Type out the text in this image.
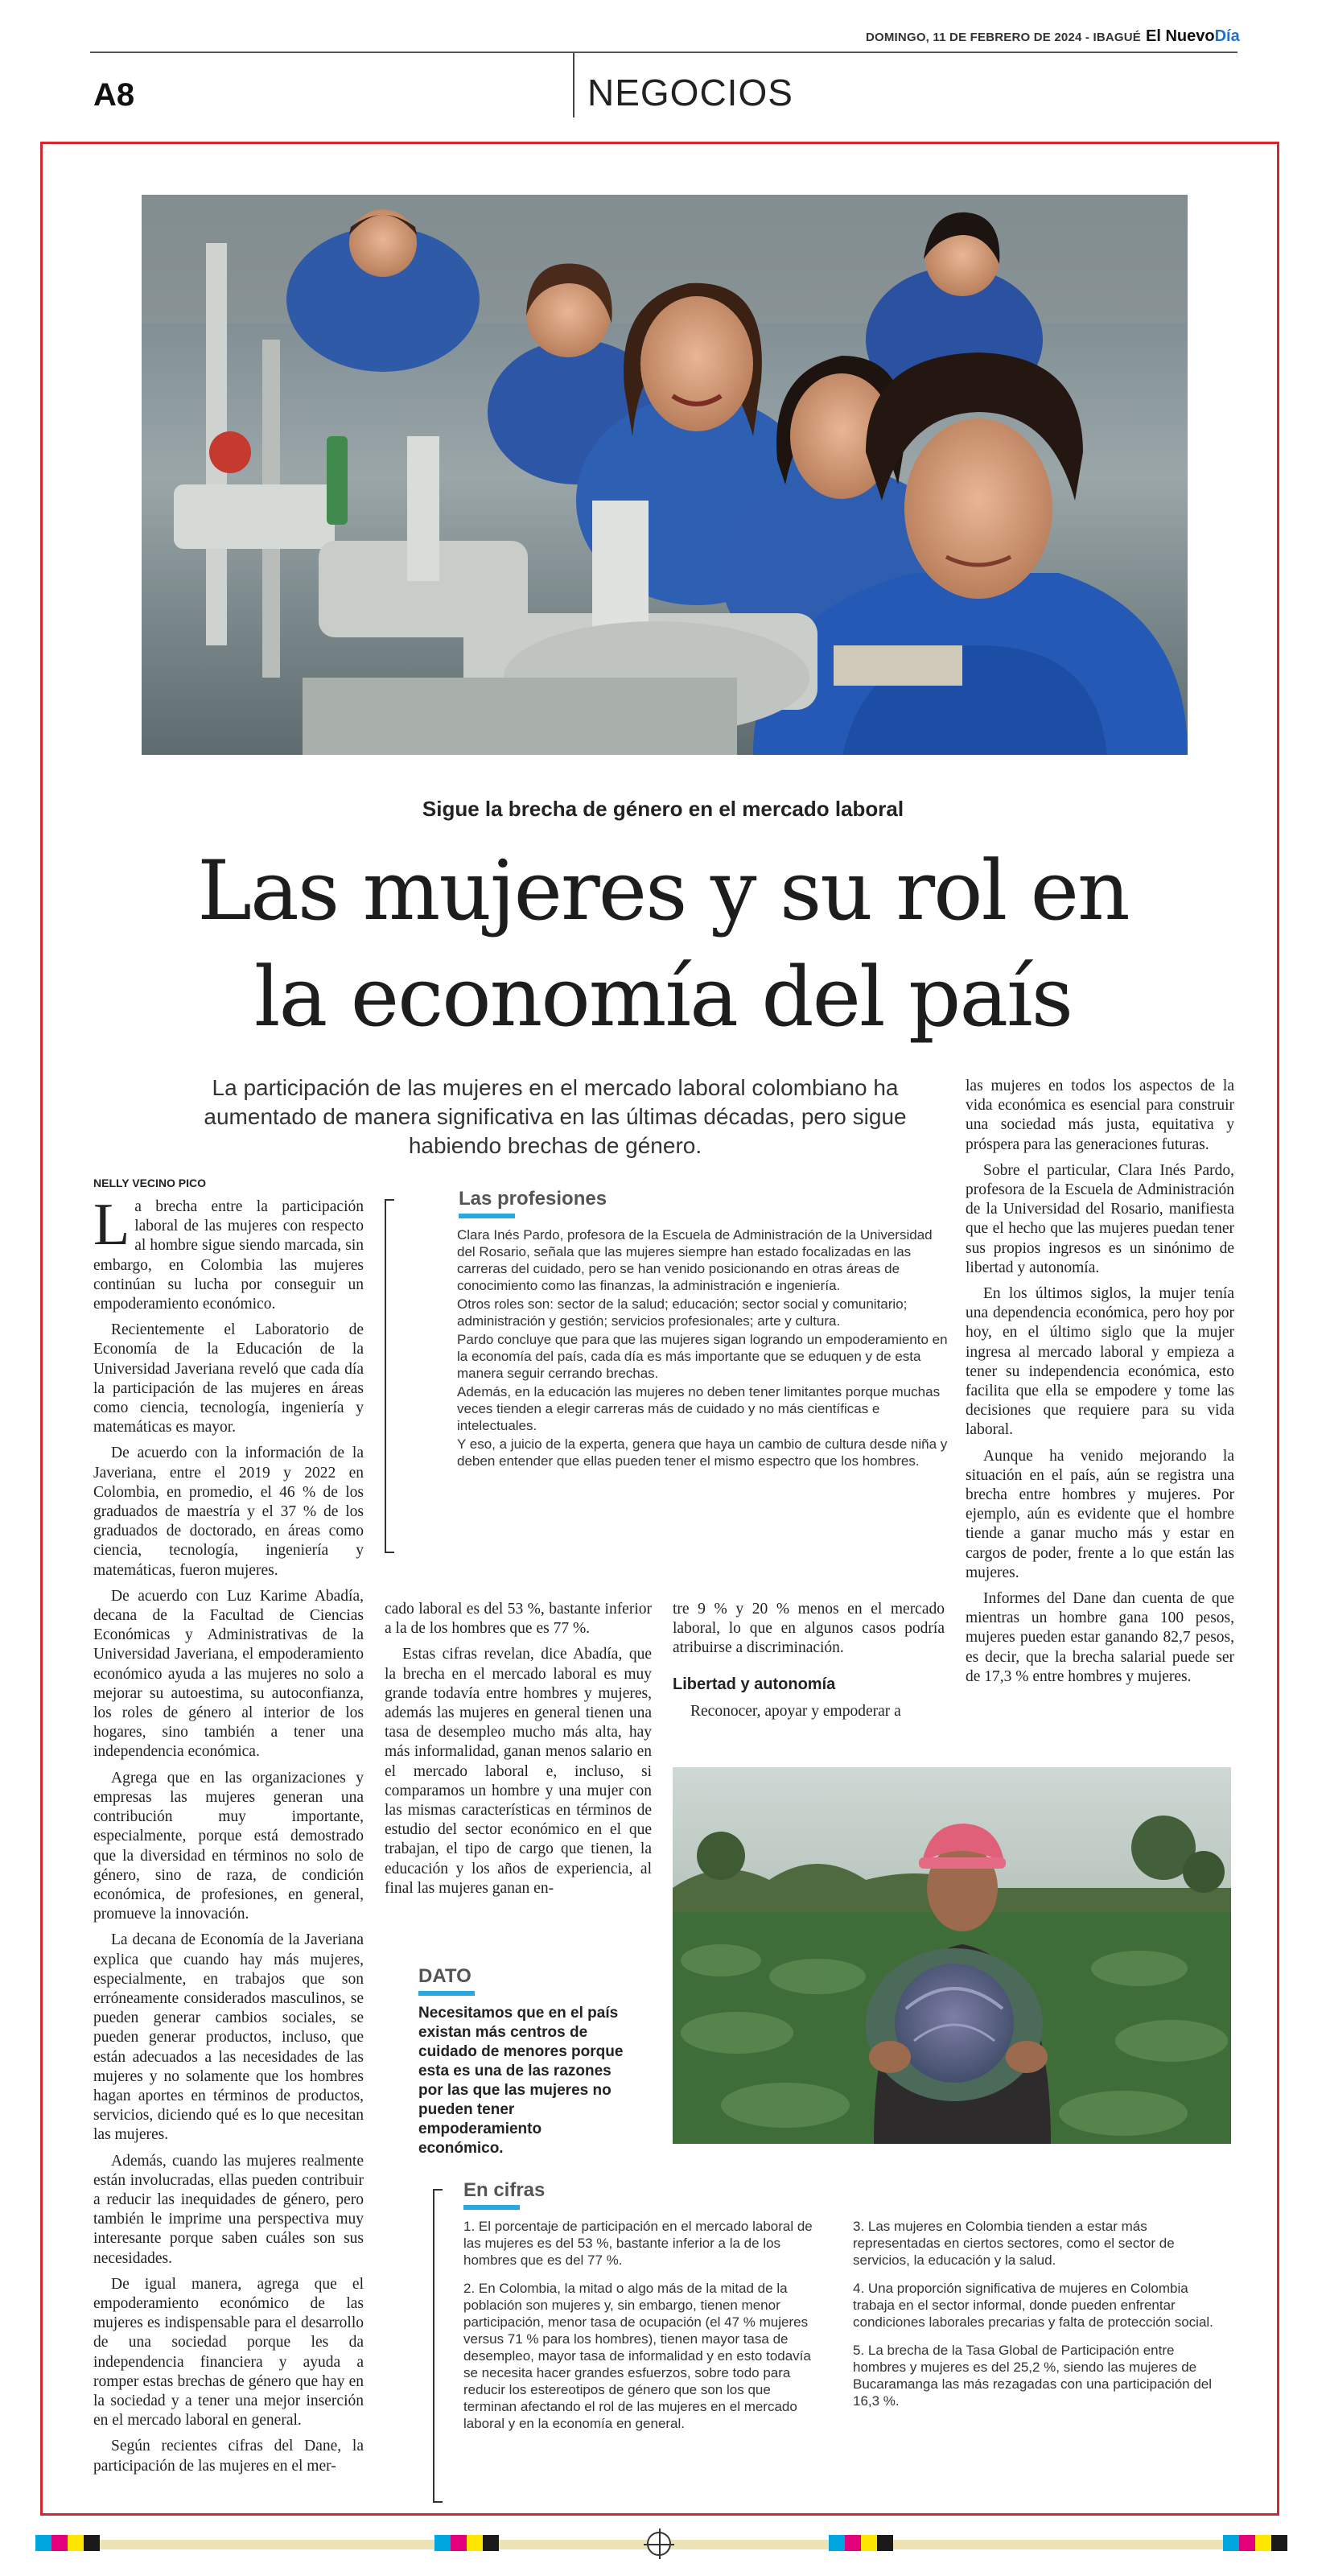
DOMINGO, 11 DE FEBRERO DE 2024 - IBAGUÉ El NuevoDía
A8	NEGOCIOS
Sigue la brecha de género en el mercado laboral
Las mujeres y su rol en
la economía del país
La participación de las mujeres en el mercado laboral colombiano ha aumentado de manera significativa en las últimas décadas, pero sigue habiendo brechas de género.
NELLY VECINO PICO

La brecha entre la participación laboral de las mujeres con respecto al hombre sigue siendo marcada, sin embargo, en Colombia las mujeres continúan su lucha por conseguir un empoderamiento económico.

Recientemente el Laboratorio de Economía de la Educación de la Universidad Javeriana reveló que cada día la participación de las mujeres en áreas como ciencia, tecnología, ingeniería y matemáticas es mayor.

De acuerdo con la información de la Javeriana, entre el 2019 y 2022 en Colombia, en promedio, el 46 % de los graduados de maestría y el 37 % de los graduados de doctorado, en áreas como ciencia, tecnología, ingeniería y matemáticas, fueron mujeres.

De acuerdo con Luz Karime Abadía, decana de la Facultad de Ciencias Económicas y Administrativas de la Universidad Javeriana, el empoderamiento económico ayuda a las mujeres no solo a mejorar su autoestima, su autoconfianza, los roles de género al interior de los hogares, sino también a tener una independencia económica.

Agrega que en las organizaciones y empresas las mujeres generan una contribución muy importante, especialmente, porque está demostrado que la diversidad en términos no solo de género, sino de raza, de condición económica, de profesiones, en general, promueve la innovación.

La decana de Economía de la Javeriana explica que cuando hay más mujeres, especialmente, en trabajos que son erróneamente considerados masculinos, se pueden generar cambios sociales, se pueden generar productos, incluso, que están adecuados a las necesidades de las mujeres y no solamente que los hombres hagan aportes en términos de productos, servicios, diciendo qué es lo que necesitan las mujeres.

Además, cuando las mujeres realmente están involucradas, ellas pueden contribuir a reducir las inequidades de género, pero también le imprime una perspectiva muy interesante porque saben cuáles son sus necesidades.

De igual manera, agrega que el empoderamiento económico de las mujeres es indispensable para el desarrollo de una sociedad porque les da independencia financiera y ayuda a romper estas brechas de género que hay en la sociedad y a tener una mejor inserción en el mercado laboral en general.

Según recientes cifras del Dane, la participación de las mujeres en el mer-

Las profesiones

Clara Inés Pardo, profesora de la Escuela de Administración de la Universidad del Rosario, señala que las mujeres siempre han estado focalizadas en las carreras del cuidado, pero se han venido posicionando en otras áreas de conocimiento como las finanzas, la administración e ingeniería.

Otros roles son: sector de la salud; educación; sector social y comunitario; administración y gestión; servicios profesionales; arte y cultura.

Pardo concluye que para que las mujeres sigan logrando un empoderamiento en la economía del país, cada día es más importante que se eduquen y de esta manera seguir cerrando brechas.

Además, en la educación las mujeres no deben tener limitantes porque muchas veces tienden a elegir carreras más de cuidado y no más científicas e intelectuales.

Y eso, a juicio de la experta, genera que haya un cambio de cultura desde niña y deben entender que ellas pueden tener el mismo espectro que los hombres.

cado laboral es del 53 %, bastante inferior a la de los hombres que es 77 %.

Estas cifras revelan, dice Abadía, que la brecha en el mercado laboral es muy grande todavía entre hombres y mujeres, además las mujeres en general tienen una tasa de desempleo mucho más alta, hay más informalidad, ganan menos salario en el mercado laboral e, incluso, si comparamos un hombre y una mujer con las mismas características en términos de estudio del sector económico en el que trabajan, el tipo de cargo que tienen, la educación y los años de experiencia, al final las mujeres ganan en-

DATO
Necesitamos que en el país existan más centros de cuidado de menores porque esta es una de las razones por las que las mujeres no pueden tener empoderamiento económico.

tre 9 % y 20 % menos en el mercado laboral, lo que en algunos casos podría atribuirse a discriminación.

Libertad y autonomía

Reconocer, apoyar y empoderar a

las mujeres en todos los aspectos de la vida económica es esencial para construir una sociedad más justa, equitativa y próspera para las generaciones futuras.

Sobre el particular, Clara Inés Pardo, profesora de la Escuela de Administración de la Universidad del Rosario, manifiesta que el hecho que las mujeres puedan tener sus propios ingresos es un sinónimo de libertad y autonomía.

En los últimos siglos, la mujer tenía una dependencia económica, pero hoy por hoy, en el último siglo que la mujer ingresa al mercado laboral y empieza a tener su independencia económica, esto facilita que ella se empodere y tome las decisiones que requiere para su vida laboral.

Aunque ha venido mejorando la situación en el país, aún se registra una brecha entre hombres y mujeres. Por ejemplo, aún es evidente que el hombre tiende a ganar mucho más y estar en cargos de poder, frente a lo que están las mujeres.

Informes del Dane dan cuenta de que mientras un hombre gana 100 pesos, mujeres pueden estar ganando 82,7 pesos, es decir, que la brecha salarial puede ser de 17,3 % entre hombres y mujeres.

En cifras

1. El porcentaje de participación en el mercado laboral de las mujeres es del 53 %, bastante inferior a la de los hombres que es del 77 %.

2. En Colombia, la mitad o algo más de la mitad de la población son mujeres y, sin embargo, tienen menor participación, menor tasa de ocupación (el 47 % mujeres versus 71 % para los hombres), tienen mayor tasa de desempleo, mayor tasa de informalidad y en esto todavía se necesita hacer grandes esfuerzos, sobre todo para reducir los estereotipos de género que son los que terminan afectando el rol de las mujeres en el mercado laboral y en la economía en general.

3. Las mujeres en Colombia tienden a estar más representadas en ciertos sectores, como el sector de servicios, la educación y la salud.

4. Una proporción significativa de mujeres en Colombia trabaja en el sector informal, donde pueden enfrentar condiciones laborales precarias y falta de protección social.

5. La brecha de la Tasa Global de Participación entre hombres y mujeres es del 25,2 %, siendo las mujeres de Bucaramanga las más rezagadas con una participación del 16,3 %.
